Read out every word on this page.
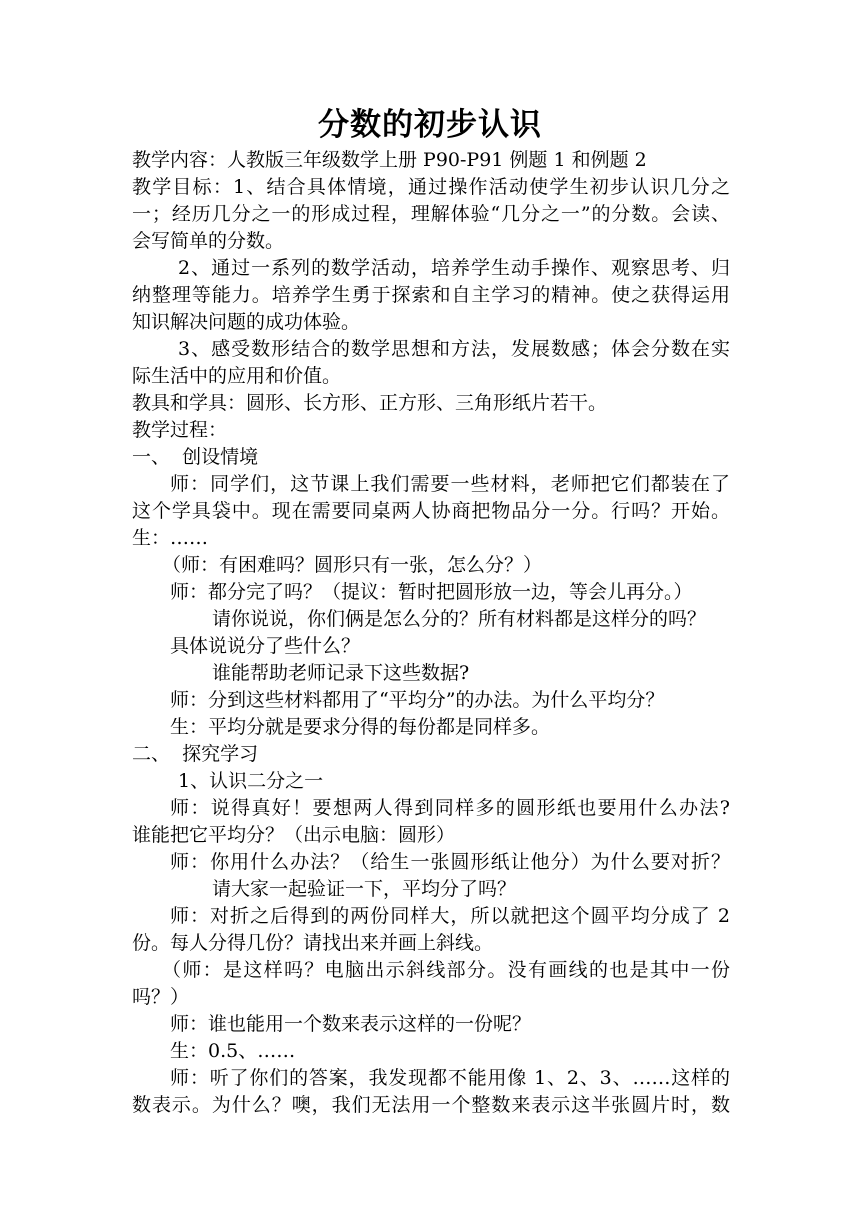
分数的初步认识
教学内容：人教版三年级数学上册 P90-P91 例题 1 和例题 2
教学目标：1、结合具体情境，通过操作活动使学生初步认识几分之
一；经历几分之一的形成过程，理解体验“几分之一”的分数。会读、
会写简单的分数。
2、通过一系列的数学活动，培养学生动手操作、观察思考、归
纳整理等能力。培养学生勇于探索和自主学习的精神。使之获得运用
知识解决问题的成功体验。
3、感受数形结合的数学思想和方法，发展数感；体会分数在实
际生活中的应用和价值。
教具和学具：圆形、长方形、正方形、三角形纸片若干。
教学过程：
一、  创设情境
师：同学们，这节课上我们需要一些材料，老师把它们都装在了
这个学具袋中。现在需要同桌两人协商把物品分一分。行吗？开始。
生：……
（师：有困难吗？圆形只有一张，怎么分？）
师：都分完了吗？（提议：暂时把圆形放一边，等会儿再分。）
请你说说，你们俩是怎么分的？所有材料都是这样分的吗？
具体说说分了些什么？
谁能帮助老师记录下这些数据?
师：分到这些材料都用了“平均分”的办法。为什么平均分？
生：平均分就是要求分得的每份都是同样多。
二、  探究学习
1、认识二分之一
师：说得真好！要想两人得到同样多的圆形纸也要用什么办法?
谁能把它平均分？（出示电脑：圆形）
师：你用什么办法？（给生一张圆形纸让他分）为什么要对折？
请大家一起验证一下，平均分了吗？
师：对折之后得到的两份同样大，所以就把这个圆平均分成了 2
份。每人分得几份？请找出来并画上斜线。
（师：是这样吗？电脑出示斜线部分。没有画线的也是其中一份
吗？）
师：谁也能用一个数来表示这样的一份呢？
生：0.5、……
师：听了你们的答案，我发现都不能用像 1、2、3、……这样的
数表示。为什么？噢，我们无法用一个整数来表示这半张圆片时，数
